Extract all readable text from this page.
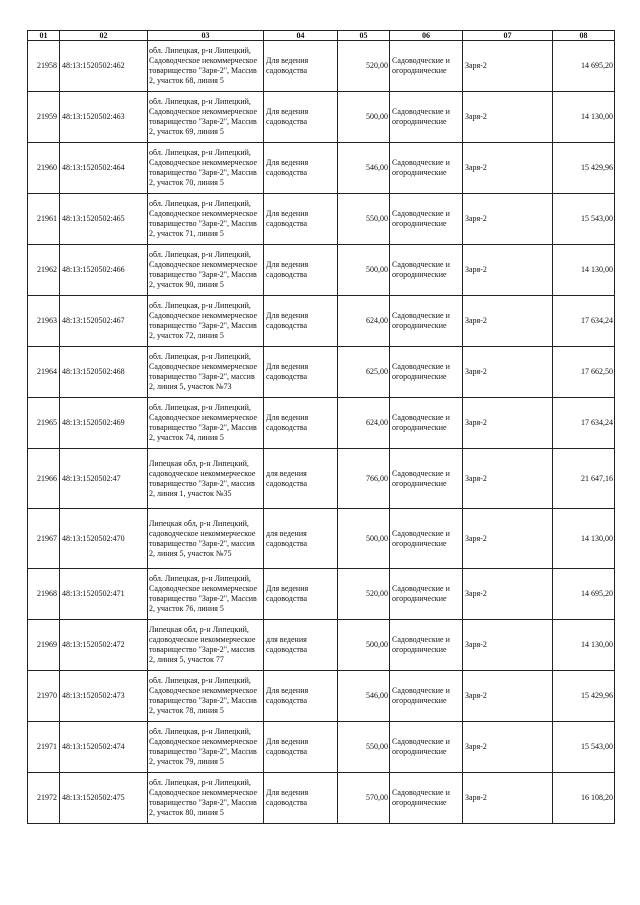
01	02	03	04	05	06	07	08
21958	48:13:1520502:462	обл. Липецкая, р-н Липецкий, Садоводческое некоммерческое товарищество "Заря-2", Массив 2, участок 68, линия 5	Для ведения садоводства	520,00	Садоводческие и огороднические	Заря-2	14 695,20
21959	48:13:1520502:463	обл. Липецкая, р-н Липецкий, Садоводческое некоммерческое товарищество "Заря-2", Массив 2, участок 69, линия 5	Для ведения садоводства	500,00	Садоводческие и огороднические	Заря-2	14 130,00
21960	48:13:1520502:464	обл. Липецкая, р-н Липецкий, Садоводческое некоммерческое товарищество "Заря-2", Массив 2, участок 70, линия 5	Для ведения садоводства	546,00	Садоводческие и огороднические	Заря-2	15 429,96
21961	48:13:1520502:465	обл. Липецкая, р-н Липецкий, Садоводческое некоммерческое товарищество "Заря-2", Массив 2, участок 71, линия 5	Для ведения садоводства	550,00	Садоводческие и огороднические	Заря-2	15 543,00
21962	48:13:1520502:466	обл. Липецкая, р-н Липецкий, Садоводческое некоммерческое товарищество "Заря-2", Массив 2, участок 90, линия 5	Для ведения садоводства	500,00	Садоводческие и огороднические	Заря-2	14 130,00
21963	48:13:1520502:467	обл. Липецкая, р-н Липецкий, Садоводческое некоммерческое товарищество "Заря-2", Массив 2, участок 72, линия 5	Для ведения садоводства	624,00	Садоводческие и огороднические	Заря-2	17 634,24
21964	48:13:1520502:468	обл. Липецкая, р-н Липецкий, Садоводческое некоммерческое товарищество "Заря-2", массив 2, линия 5, участок №73	Для ведения садоводства	625,00	Садоводческие и огороднические	Заря-2	17 662,50
21965	48:13:1520502:469	обл. Липецкая, р-н Липецкий, Садоводческое некоммерческое товарищество "Заря-2", Массив 2, участок 74, линия 5	Для ведения садоводства	624,00	Садоводческие и огороднические	Заря-2	17 634,24
21966	48:13:1520502:47	Липецкая обл, р-н Липецкий, садоводческое некоммерческое товарищество "Заря-2", массив 2, линия 1, участок №35	для ведения садоводства	766,00	Садоводческие и огороднические	Заря-2	21 647,16
21967	48:13:1520502:470	Липецкая обл, р-н Липецкий, садоводческое некоммерческое товарищество "Заря-2", массив 2, линия 5, участок №75	для ведения садоводства	500,00	Садоводческие и огороднические	Заря-2	14 130,00
21968	48:13:1520502:471	обл. Липецкая, р-н Липецкий, Садоводческое некоммерческое товарищество "Заря-2", Массив 2, участок 76, линия 5	Для ведения садоводства	520,00	Садоводческие и огороднические	Заря-2	14 695,20
21969	48:13:1520502:472	Липецкая обл, р-н Липецкий, садоводческое некоммерческое товарищество "Заря-2", массив 2, линия 5, участок 77	для ведения садоводства	500,00	Садоводческие и огороднические	Заря-2	14 130,00
21970	48:13:1520502:473	обл. Липецкая, р-н Липецкий, Садоводческое некоммерческое товарищество "Заря-2", Массив 2, участок 78, линия 5	Для ведения садоводства	546,00	Садоводческие и огороднические	Заря-2	15 429,96
21971	48:13:1520502:474	обл. Липецкая, р-н Липецкий, Садоводческое некоммерческое товарищество "Заря-2", Массив 2, участок 79, линия 5	Для ведения садоводства	550,00	Садоводческие и огороднические	Заря-2	15 543,00
21972	48:13:1520502:475	обл. Липецкая, р-н Липецкий, Садоводческое некоммерческое товарищество "Заря-2", Массив 2, участок 80, линия 5	Для ведения садоводства	570,00	Садоводческие и огороднические	Заря-2	16 108,20
